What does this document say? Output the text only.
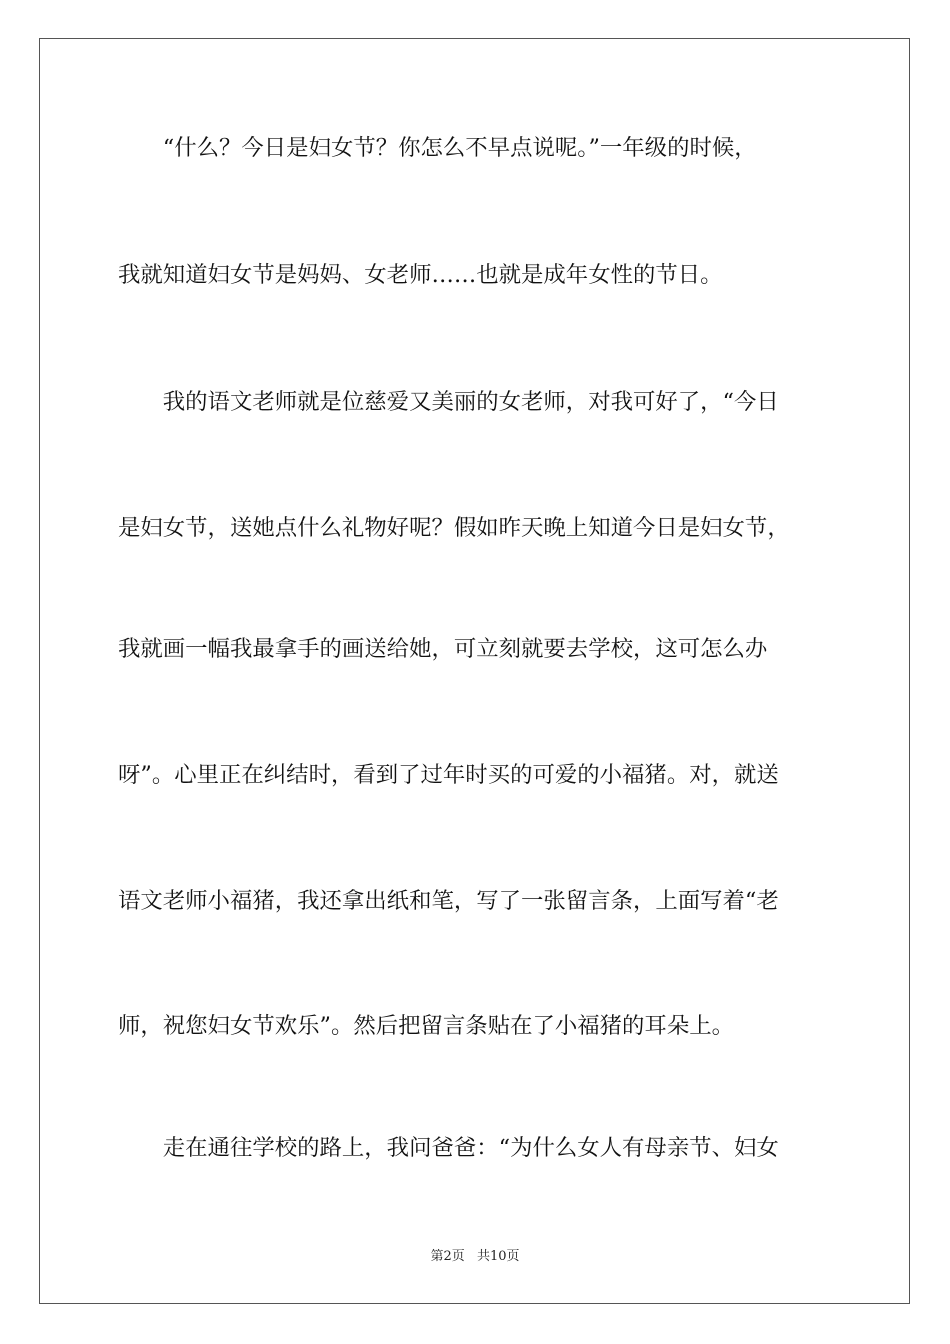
　　“什么？今日是妇女节？你怎么不早点说呢。”一年级的时候，
我就知道妇女节是妈妈、女老师……也就是成年女性的节日。
　　我的语文老师就是位慈爱又美丽的女老师，对我可好了，“今日
是妇女节，送她点什么礼物好呢？假如昨天晚上知道今日是妇女节，
我就画一幅我最拿手的画送给她，可立刻就要去学校，这可怎么办
呀”。心里正在纠结时，看到了过年时买的可爱的小福猪。对，就送
语文老师小福猪，我还拿出纸和笔，写了一张留言条，上面写着“老
师，祝您妇女节欢乐”。然后把留言条贴在了小福猪的耳朵上。
　　走在通往学校的路上，我问爸爸：“为什么女人有母亲节、妇女
第2页 共10页
